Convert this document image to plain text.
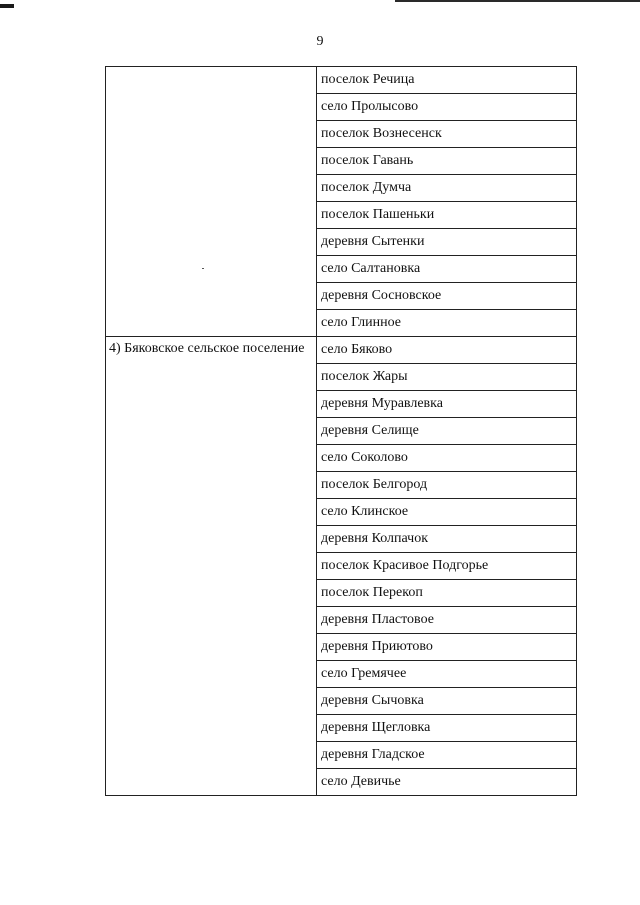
9
	поселок Речица
	село Пролысово
	поселок Вознесенск
	поселок Гавань
	поселок Думча
	поселок Пашеньки
	деревня Сытенки
	село Салтановка
	деревня Сосновское
	село Глинное
4) Бяковское сельское поселение	село Бяково
	поселок Жары
	деревня Муравлевка
	деревня Селище
	село Соколово
	поселок Белгород
	село Клинское
	деревня Колпачок
	поселок Красивое Подгорье
	поселок Перекоп
	деревня Пластовое
	деревня Приютово
	село Гремячее
	деревня Сычовка
	деревня Щегловка
	деревня Гладское
	село Девичье
